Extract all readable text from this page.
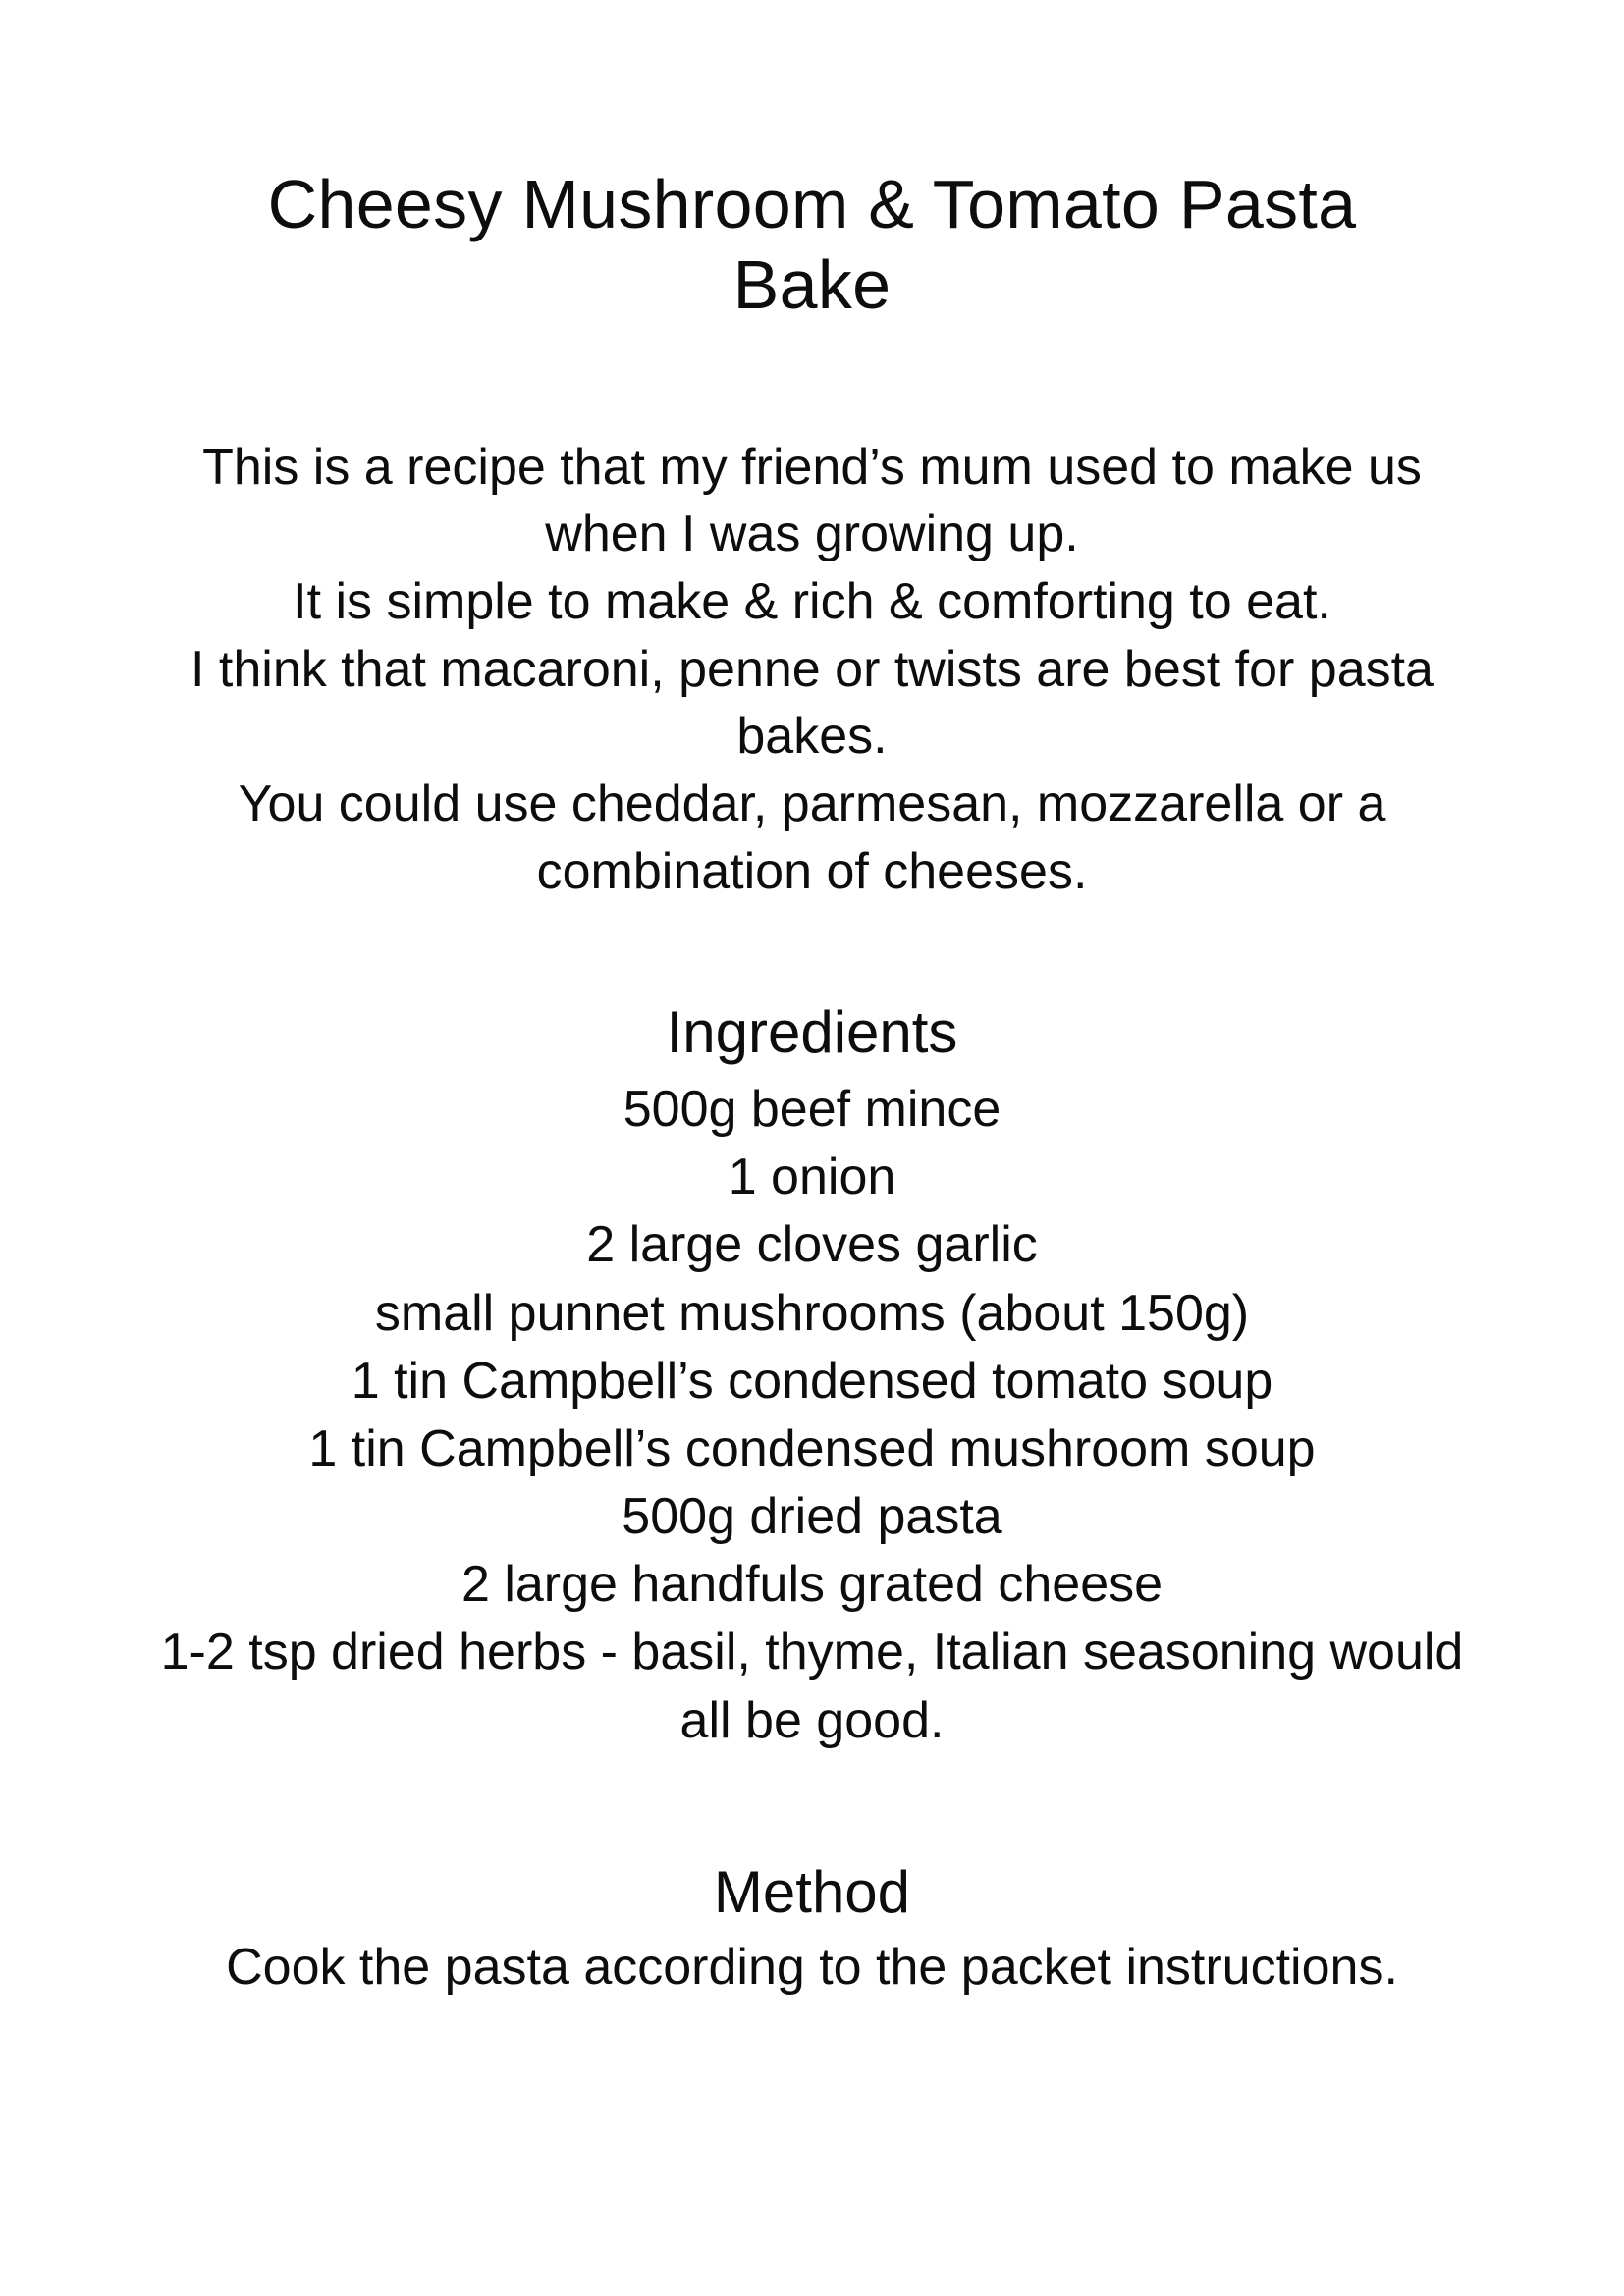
Cheesy Mushroom & Tomato Pasta Bake

This is a recipe that my friend’s mum used to make us when I was growing up.

It is simple to make & rich & comforting to eat.

I think that macaroni, penne or twists are best for pasta bakes.

You could use cheddar, parmesan, mozzarella or a combination of cheeses.

Ingredients
500g beef mince
1 onion
2 large cloves garlic
small punnet mushrooms (about 150g)
1 tin Campbell’s condensed tomato soup
1 tin Campbell’s condensed mushroom soup
500g dried pasta
2 large handfuls grated cheese
1-2 tsp dried herbs - basil, thyme, Italian seasoning would all be good.
Method
Cook the pasta according to the packet instructions.
